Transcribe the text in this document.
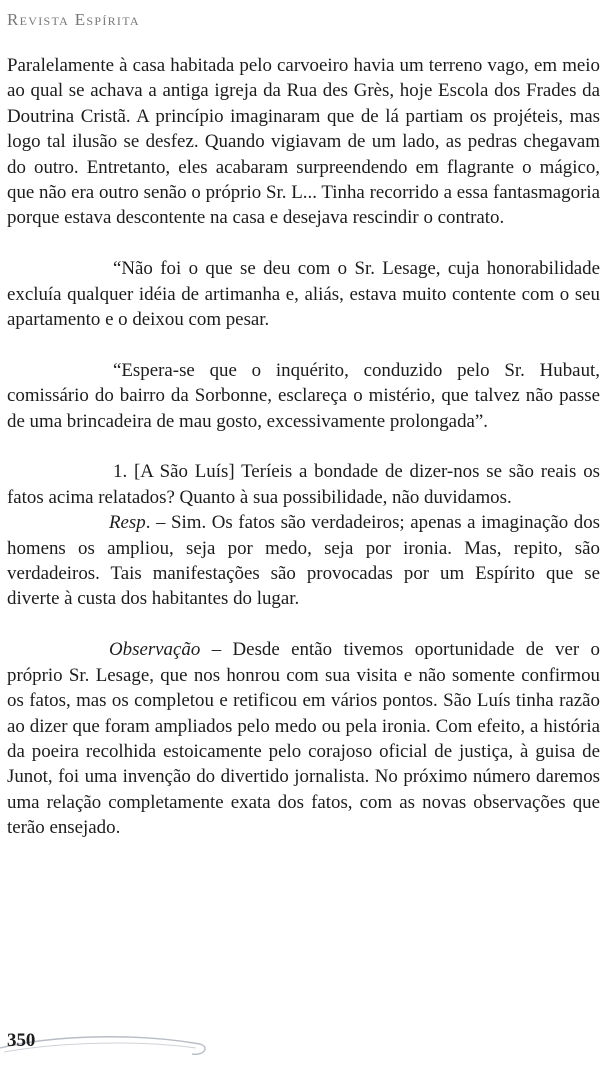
Revista Espírita

Paralelamente à casa habitada pelo carvoeiro havia um terreno vago, em meio ao qual se achava a antiga igreja da Rua des Grès, hoje Escola dos Frades da Doutrina Cristã. A princípio imaginaram que de lá partiam os projéteis, mas logo tal ilusão se desfez. Quando vigiavam de um lado, as pedras chegavam do outro. Entretanto, eles acabaram surpreendendo em flagrante o mágico, que não era outro senão o próprio Sr. L... Tinha recorrido a essa fantasmagoria porque estava descontente na casa e desejava rescindir o contrato.

“Não foi o que se deu com o Sr. Lesage, cuja honorabilidade excluía qualquer idéia de artimanha e, aliás, estava muito contente com o seu apartamento e o deixou com pesar.

“Espera-se que o inquérito, conduzido pelo Sr. Hubaut, comissário do bairro da Sorbonne, esclareça o mistério, que talvez não passe de uma brincadeira de mau gosto, excessivamente prolongada”.

1. [A São Luís] Teríeis a bondade de dizer-nos se são reais os fatos acima relatados? Quanto à sua possibilidade, não duvidamos.

Resp. – Sim. Os fatos são verdadeiros; apenas a imaginação dos homens os ampliou, seja por medo, seja por ironia. Mas, repito, são verdadeiros. Tais manifestações são provocadas por um Espírito que se diverte à custa dos habitantes do lugar.

Observação – Desde então tivemos oportunidade de ver o próprio Sr. Lesage, que nos honrou com sua visita e não somente confirmou os fatos, mas os completou e retificou em vários pontos. São Luís tinha razão ao dizer que foram ampliados pelo medo ou pela ironia. Com efeito, a história da poeira recolhida estoicamente pelo corajoso oficial de justiça, à guisa de Junot, foi uma invenção do divertido jornalista. No próximo número daremos uma relação completamente exata dos fatos, com as novas observações que terão ensejado.

350
